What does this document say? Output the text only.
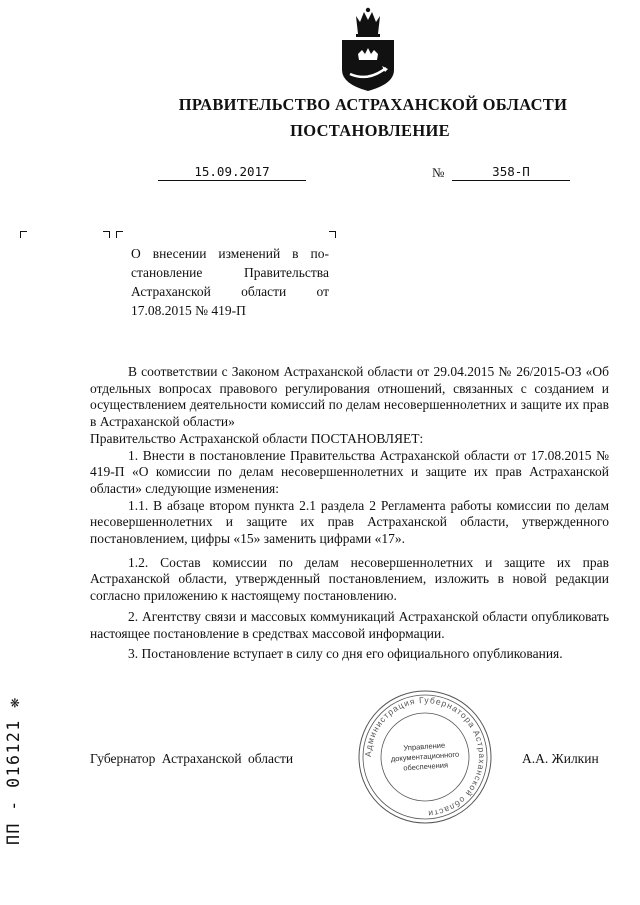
ПРАВИТЕЛЬСТВО АСТРАХАНСКОЙ ОБЛАСТИ
ПОСТАНОВЛЕНИЕ
15.09.2017	№	358-П

О внесении изменений в по-

становление Правительства

Астраханской области от

17.08.2015 № 419-П

В соответствии с Законом Астраханской области от 29.04.2015 № 26/2015-ОЗ «Об отдельных вопросах правового регулирования отношений, связанных с созданием и осуществлением деятельности комиссий по делам несовершеннолетних и защите их прав в Астраханской области»

Правительство Астраханской области ПОСТАНОВЛЯЕТ:

1. Внести в постановление Правительства Астраханской области от 17.08.2015 № 419-П «О комиссии по делам несовершеннолетних и защите их прав Астраханской области» следующие изменения:

1.1. В абзаце втором пункта 2.1 раздела 2 Регламента работы комиссии по делам несовершеннолетних и защите их прав Астраханской области, утвержденного постановлением, цифры «15» заменить цифрами «17».

1.2. Состав комиссии по делам несовершеннолетних и защите их прав Астраханской области, утвержденный постановлением, изложить в новой редакции согласно приложению к настоящему постановлению.

2. Агентству связи и массовых коммуникаций Астраханской области опубликовать настоящее постановление в средствах массовой информации.

3. Постановление вступает в силу со дня его официального опубликования.

Губернатор Астраханской области	А.А. Жилкин
Администрация Губернатора Астраханской области
Управление документационного обеспечения
ПП - 016121 ❋
